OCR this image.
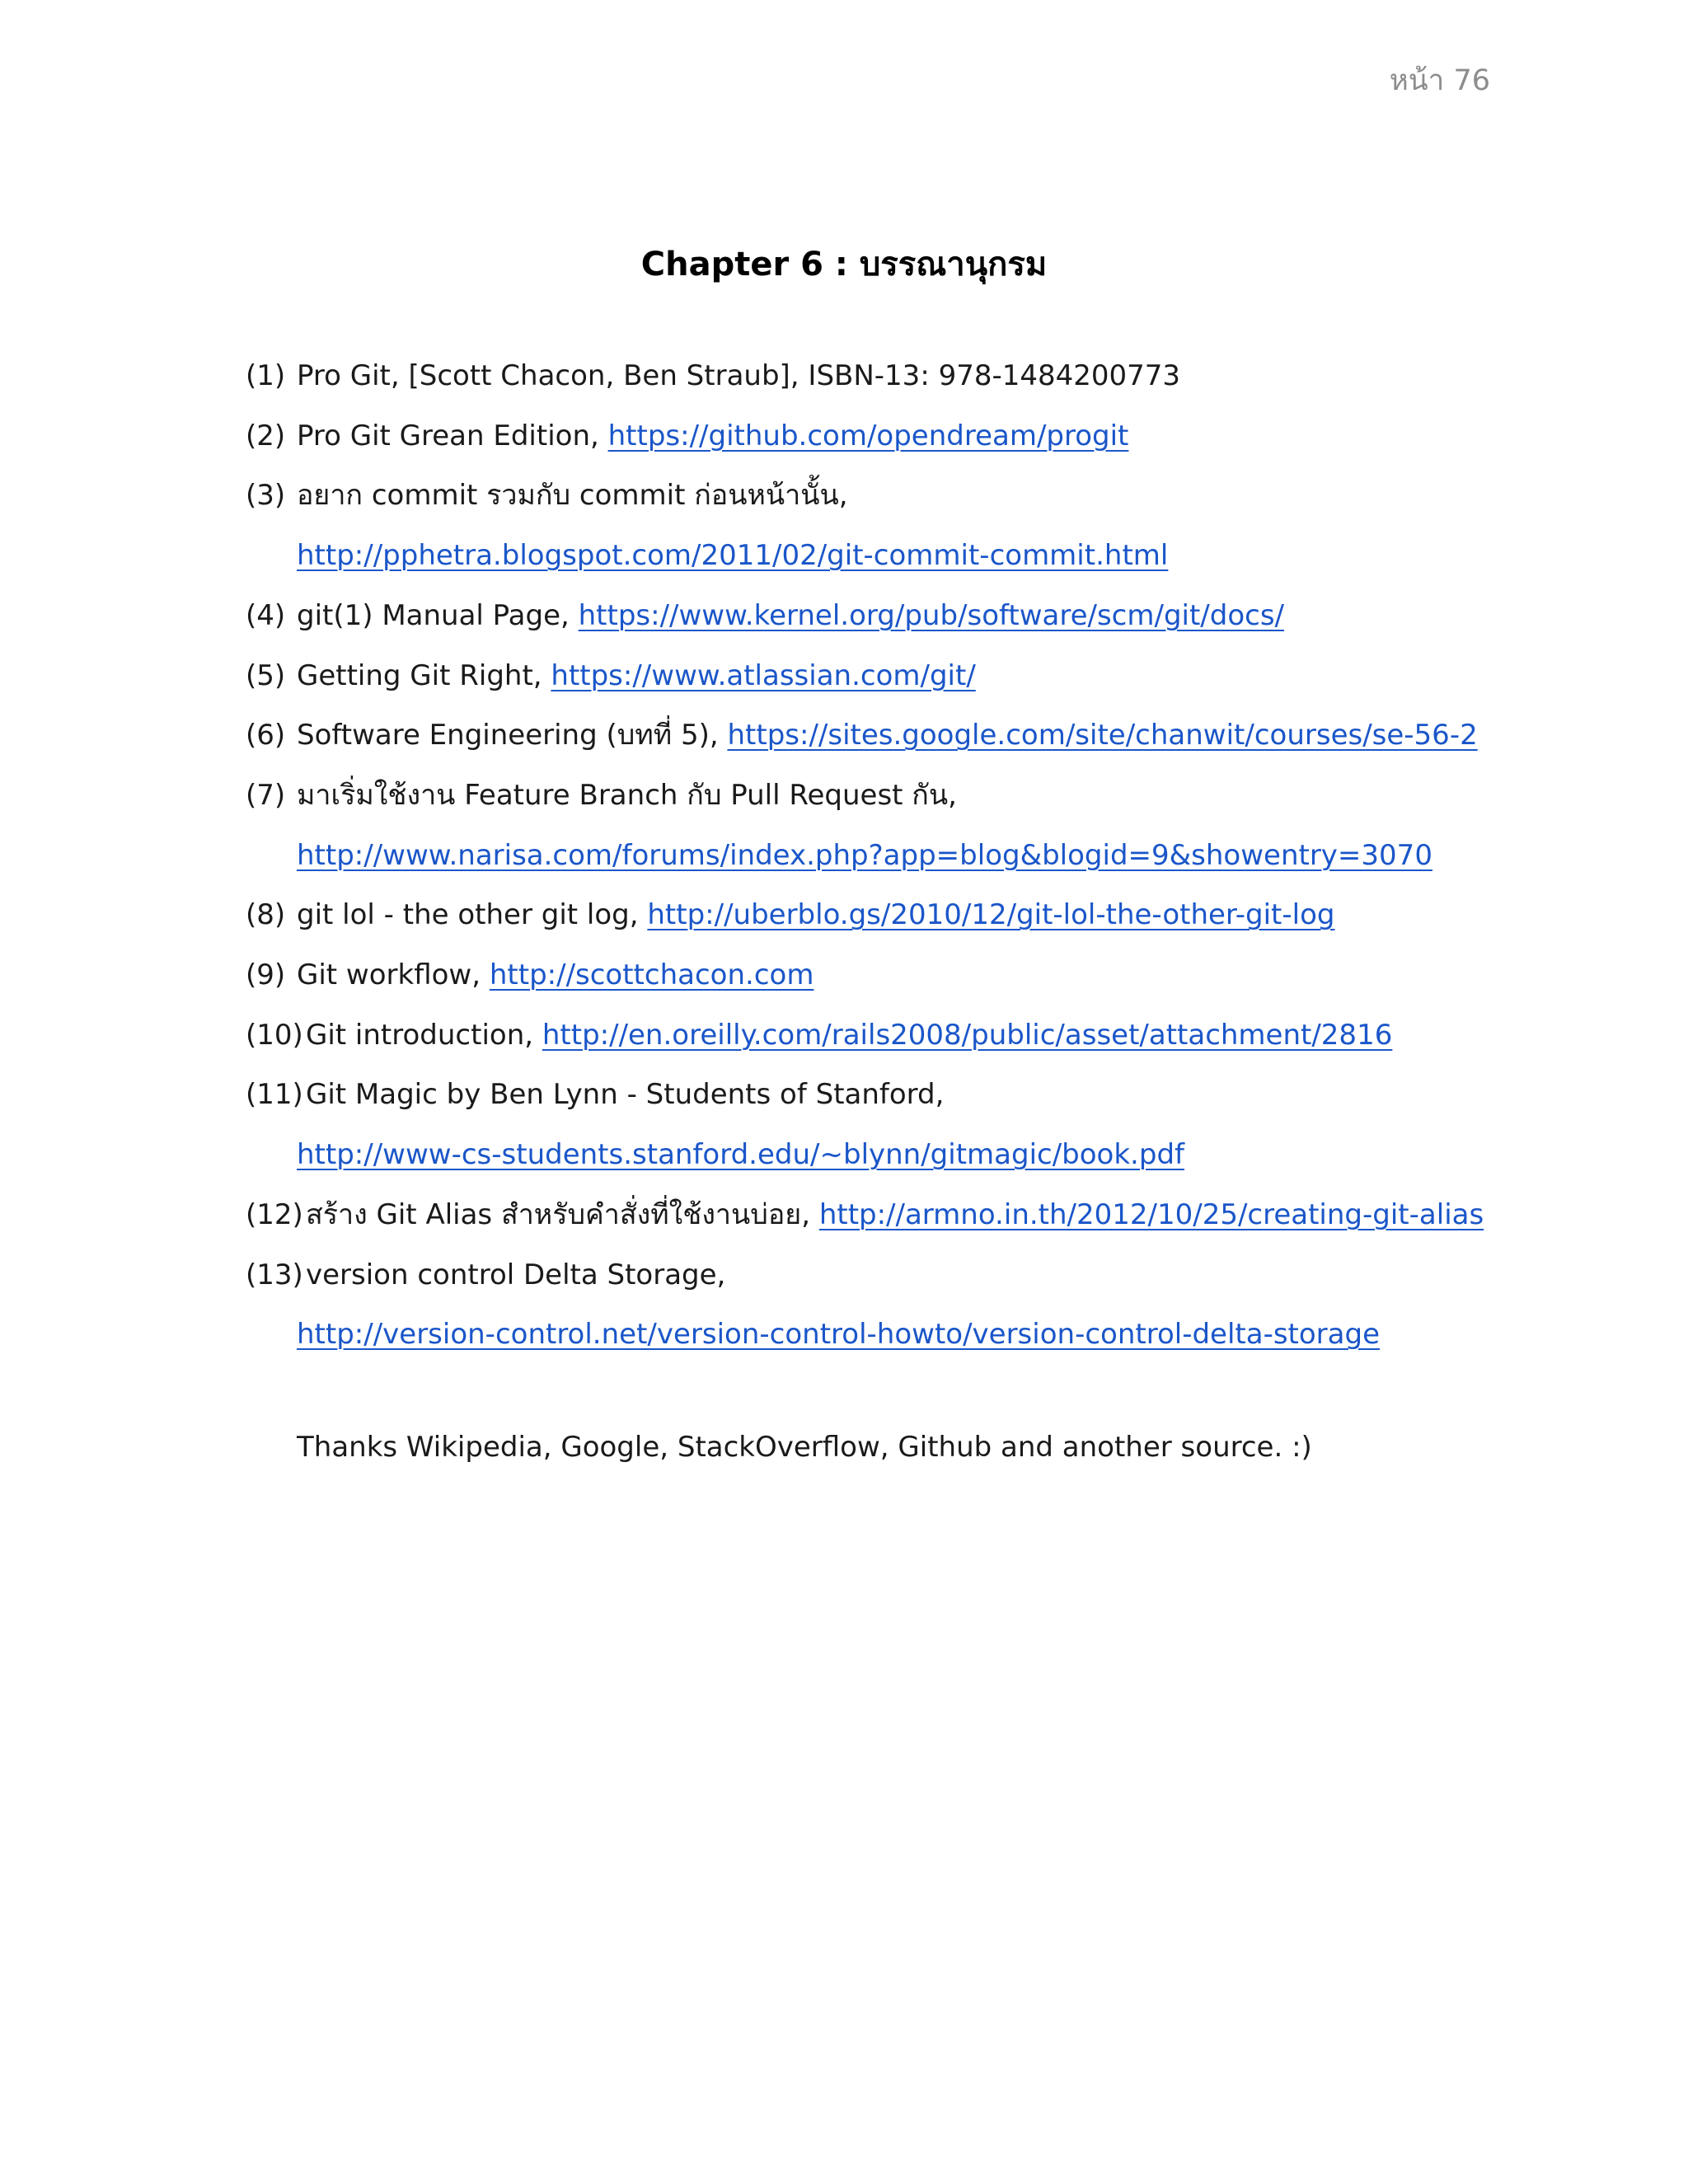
หน้า 76
Chapter 6 : บรรณานุกรม
(1) Pro Git, [Scott Chacon, Ben Straub], ISBN-13: 978-1484200773
(2) Pro Git Grean Edition, https://github.com/opendream/progit
(3) อยาก commit รวมกับ commit ก่อนหน้านั้น,
http://pphetra.blogspot.com/2011/02/git-commit-commit.html
(4) git(1) Manual Page, https://www.kernel.org/pub/software/scm/git/docs/
(5) Getting Git Right, https://www.atlassian.com/git/
(6) Software Engineering (บทที่ 5), https://sites.google.com/site/chanwit/courses/se-56-2
(7) มาเริ่มใช้งาน Feature Branch กับ Pull Request กัน,
http://www.narisa.com/forums/index.php?app=blog&blogid=9&showentry=3070
(8) git lol - the other git log, http://uberblo.gs/2010/12/git-lol-the-other-git-log
(9) Git workflow, http://scottchacon.com
(10) Git introduction, http://en.oreilly.com/rails2008/public/asset/attachment/2816
(11) Git Magic by Ben Lynn - Students of Stanford,
http://www-cs-students.stanford.edu/~blynn/gitmagic/book.pdf
(12) สร้าง Git Alias สำหรับคำสั่งที่ใช้งานบ่อย, http://armno.in.th/2012/10/25/creating-git-alias
(13) version control Delta Storage,
http://version-control.net/version-control-howto/version-control-delta-storage
Thanks Wikipedia, Google, StackOverflow, Github and another source. :)
